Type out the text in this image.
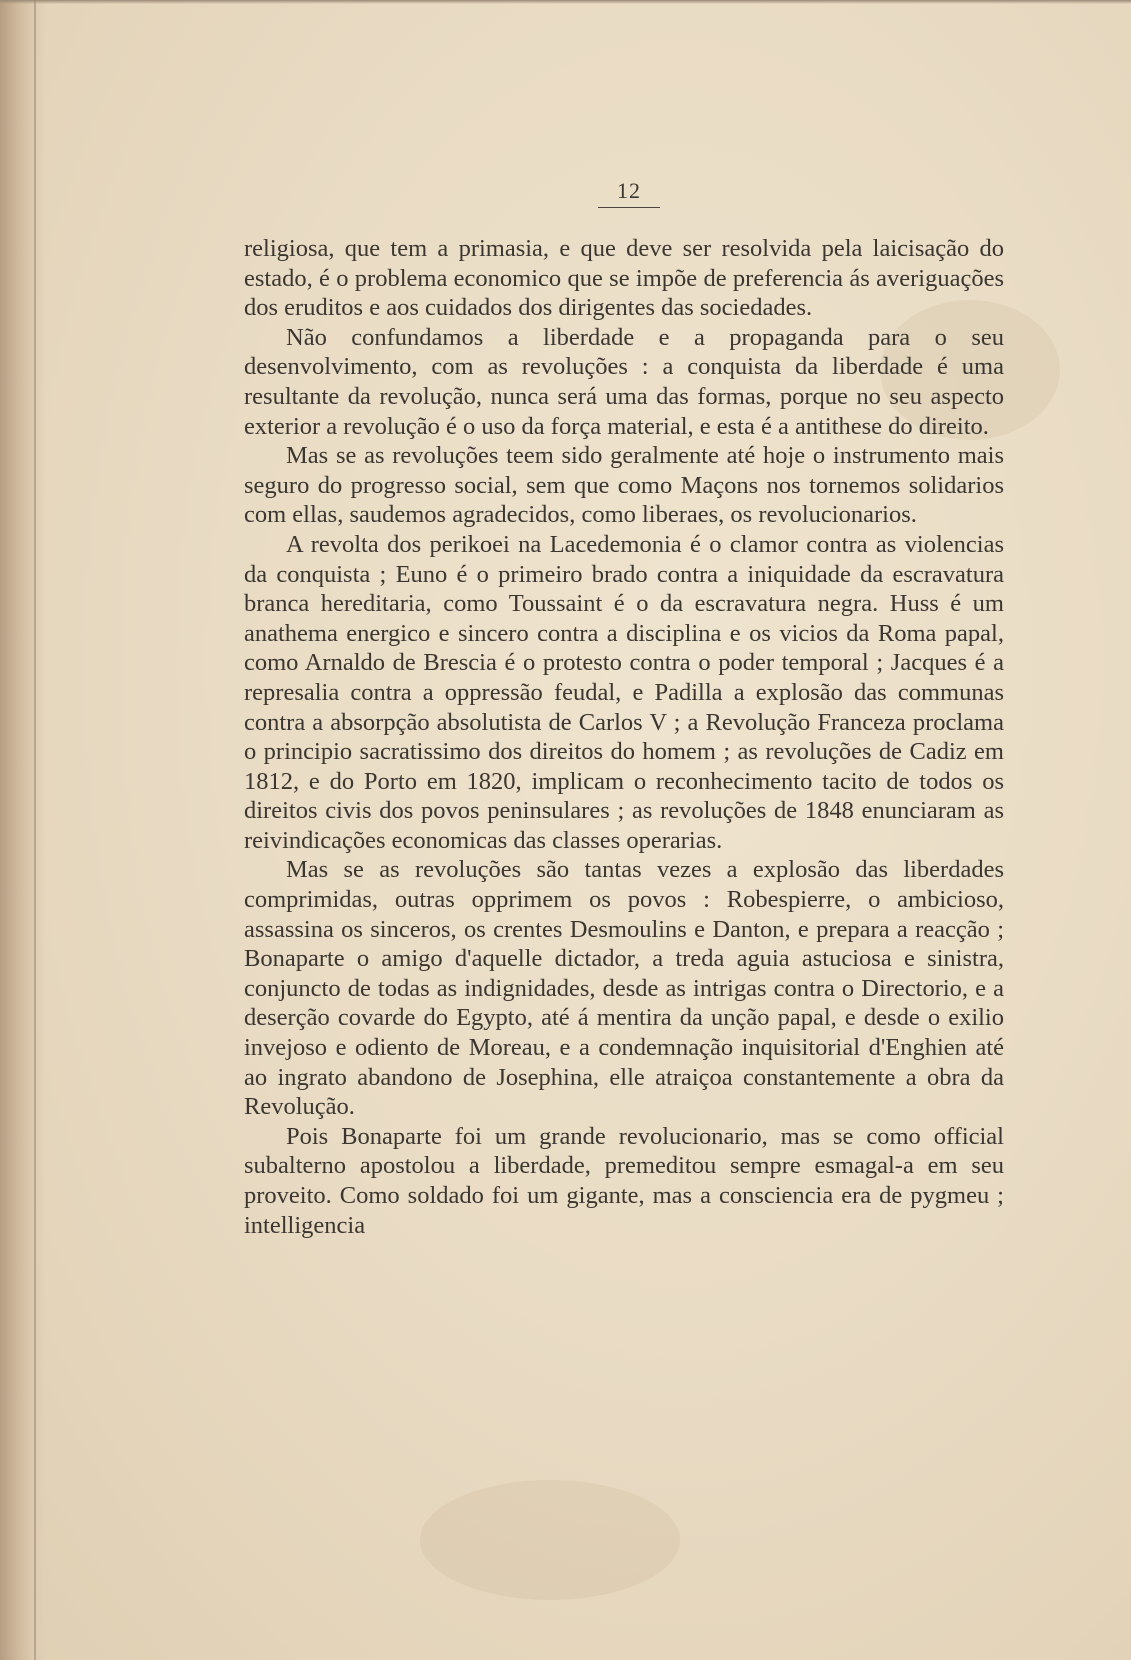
12

religiosa, que tem a primasia, e que deve ser resolvida pela laicisação do estado, é o problema economico que se impõe de preferencia ás averiguações dos eruditos e aos cuidados dos dirigentes das sociedades.

Não confundamos a liberdade e a propaganda para o seu desenvolvimento, com as revoluções : a conquista da liberdade é uma resultante da revolução, nunca será uma das formas, porque no seu aspecto exterior a revolução é o uso da força material, e esta é a antithese do direito.

Mas se as revoluções teem sido geralmente até hoje o instrumento mais seguro do progresso social, sem que como Maçons nos tornemos solidarios com ellas, saudemos agradecidos, como liberaes, os revolucionarios.

A revolta dos perikoei na Lacedemonia é o clamor contra as violencias da conquista ; Euno é o primeiro brado contra a iniquidade da escravatura branca hereditaria, como Toussaint é o da escravatura negra. Huss é um anathema energico e sincero contra a disciplina e os vicios da Roma papal, como Arnaldo de Brescia é o protesto contra o poder temporal ; Jacques é a represalia contra a oppressão feudal, e Padilla a explosão das communas contra a absorpção absolutista de Carlos V ; a Revolução Franceza proclama o principio sacratissimo dos direitos do homem ; as revoluções de Cadiz em 1812, e do Porto em 1820, implicam o reconhecimento tacito de todos os direitos civis dos povos peninsulares ; as revoluções de 1848 enunciaram as reivindicações economicas das classes operarias.

Mas se as revoluções são tantas vezes a explosão das liberdades comprimidas, outras opprimem os povos : Robespierre, o ambicioso, assassina os sinceros, os crentes Desmoulins e Danton, e prepara a reacção ; Bonaparte o amigo d'aquelle dictador, a treda aguia astuciosa e sinistra, conjuncto de todas as indignidades, desde as intrigas contra o Directorio, e a deserção covarde do Egypto, até á mentira da unção papal, e desde o exilio invejoso e odiento de Moreau, e a condemnação inquisitorial d'Enghien até ao ingrato abandono de Josephina, elle atraiçoa constantemente a obra da Revolução.

Pois Bonaparte foi um grande revolucionario, mas se como official subalterno apostolou a liberdade, premeditou sempre esmagal-a em seu proveito. Como soldado foi um gigante, mas a consciencia era de pygmeu ; intelligencia
